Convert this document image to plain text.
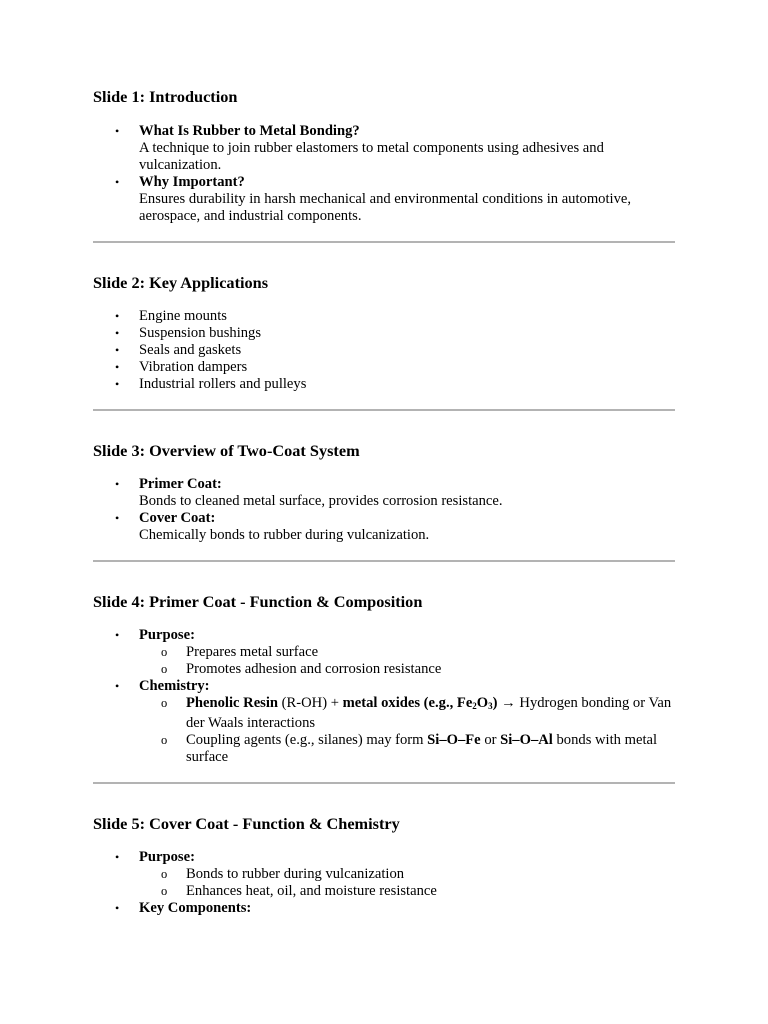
Slide 1: Introduction
• What Is Rubber to Metal Bonding?
A technique to join rubber elastomers to metal components using adhesives and vulcanization.
• Why Important?
Ensures durability in harsh mechanical and environmental conditions in automotive, aerospace, and industrial components.
Slide 2: Key Applications
• Engine mounts
• Suspension bushings
• Seals and gaskets
• Vibration dampers
• Industrial rollers and pulleys
Slide 3: Overview of Two-Coat System
• Primer Coat:
Bonds to cleaned metal surface, provides corrosion resistance.
• Cover Coat:
Chemically bonds to rubber during vulcanization.
Slide 4: Primer Coat - Function & Composition
• Purpose:
o Prepares metal surface
o Promotes adhesion and corrosion resistance
• Chemistry:
o Phenolic Resin (R-OH) + metal oxides (e.g., $Fe_2O_3$) → Hydrogen bonding or Van der Waals interactions
o Coupling agents (e.g., silanes) may form Si–O–Fe or Si–O–Al bonds with metal surface
Slide 5: Cover Coat - Function & Chemistry
• Purpose:
o Bonds to rubber during vulcanization
o Enhances heat, oil, and moisture resistance
• Key Components:
